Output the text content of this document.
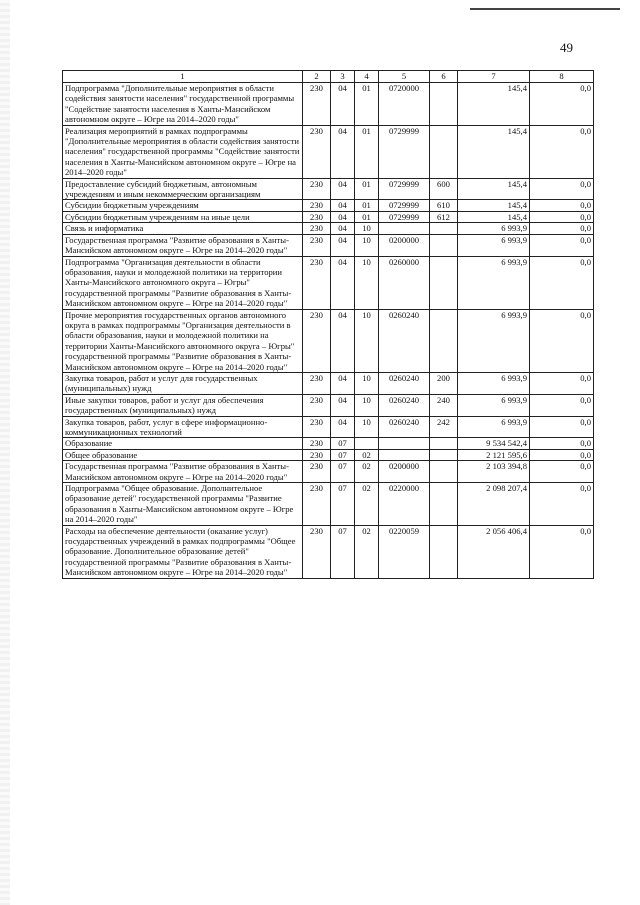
49
1	2	3	4	5	6	7	8
Подпрограмма "Дополнительные мероприятия в области содействия занятости населения" государственной программы "Содействие занятости населения в Ханты-Мансийском автономном округе – Югре на 2014–2020 годы"	230	04	01	0720000		145,4	0,0
Реализация мероприятий в рамках подпрограммы "Дополнительные мероприятия в области содействия занятости населения" государственной программы "Содействие занятости населения в Ханты-Мансийском автономном округе – Югре на 2014–2020 годы"	230	04	01	0729999		145,4	0,0
Предоставление субсидий бюджетным, автономным учреждениям и иным некоммерческим организациям	230	04	01	0729999	600	145,4	0,0
Субсидии бюджетным учреждениям	230	04	01	0729999	610	145,4	0,0
Субсидии бюджетным учреждениям на иные цели	230	04	01	0729999	612	145,4	0,0
Связь и информатика	230	04	10			6 993,9	0,0
Государственная программа "Развитие образования в Ханты-Мансийском автономном округе – Югре на 2014–2020 годы"	230	04	10	0200000		6 993,9	0,0
Подпрограмма "Организация деятельности в области образования, науки и молодежной политики на территории Ханты-Мансийского автономного округа – Югры" государственной программы "Развитие образования в Ханты-Мансийском автономном округе – Югре на 2014–2020 годы"	230	04	10	0260000		6 993,9	0,0
Прочие мероприятия государственных органов автономного округа в рамках подпрограммы "Организация деятельности в области образования, науки и молодежной политики на территории Ханты-Мансийского автономного округа – Югры" государственной программы "Развитие образования в Ханты-Мансийском автономном округе – Югре на 2014–2020 годы"	230	04	10	0260240		6 993,9	0,0
Закупка товаров, работ и услуг для государственных (муниципальных) нужд	230	04	10	0260240	200	6 993,9	0,0
Иные закупки товаров, работ и услуг для обеспечения государственных (муниципальных) нужд	230	04	10	0260240	240	6 993,9	0,0
Закупка товаров, работ, услуг в сфере информационно-коммуникационных технологий	230	04	10	0260240	242	6 993,9	0,0
Образование	230	07				9 534 542,4	0,0
Общее образование	230	07	02			2 121 595,6	0,0
Государственная программа "Развитие образования в Ханты-Мансийском автономном округе – Югре на 2014–2020 годы"	230	07	02	0200000		2 103 394,8	0,0
Подпрограмма "Общее образование. Дополнительное образование детей" государственной программы "Развитие образования в Ханты-Мансийском автономном округе – Югре на 2014–2020 годы"	230	07	02	0220000		2 098 207,4	0,0
Расходы на обеспечение деятельности (оказание услуг) государственных учреждений в рамках подпрограммы "Общее образование. Дополнительное образование детей" государственной программы "Развитие образования в Ханты-Мансийском автономном округе – Югре на 2014–2020 годы"	230	07	02	0220059		2 056 406,4	0,0
